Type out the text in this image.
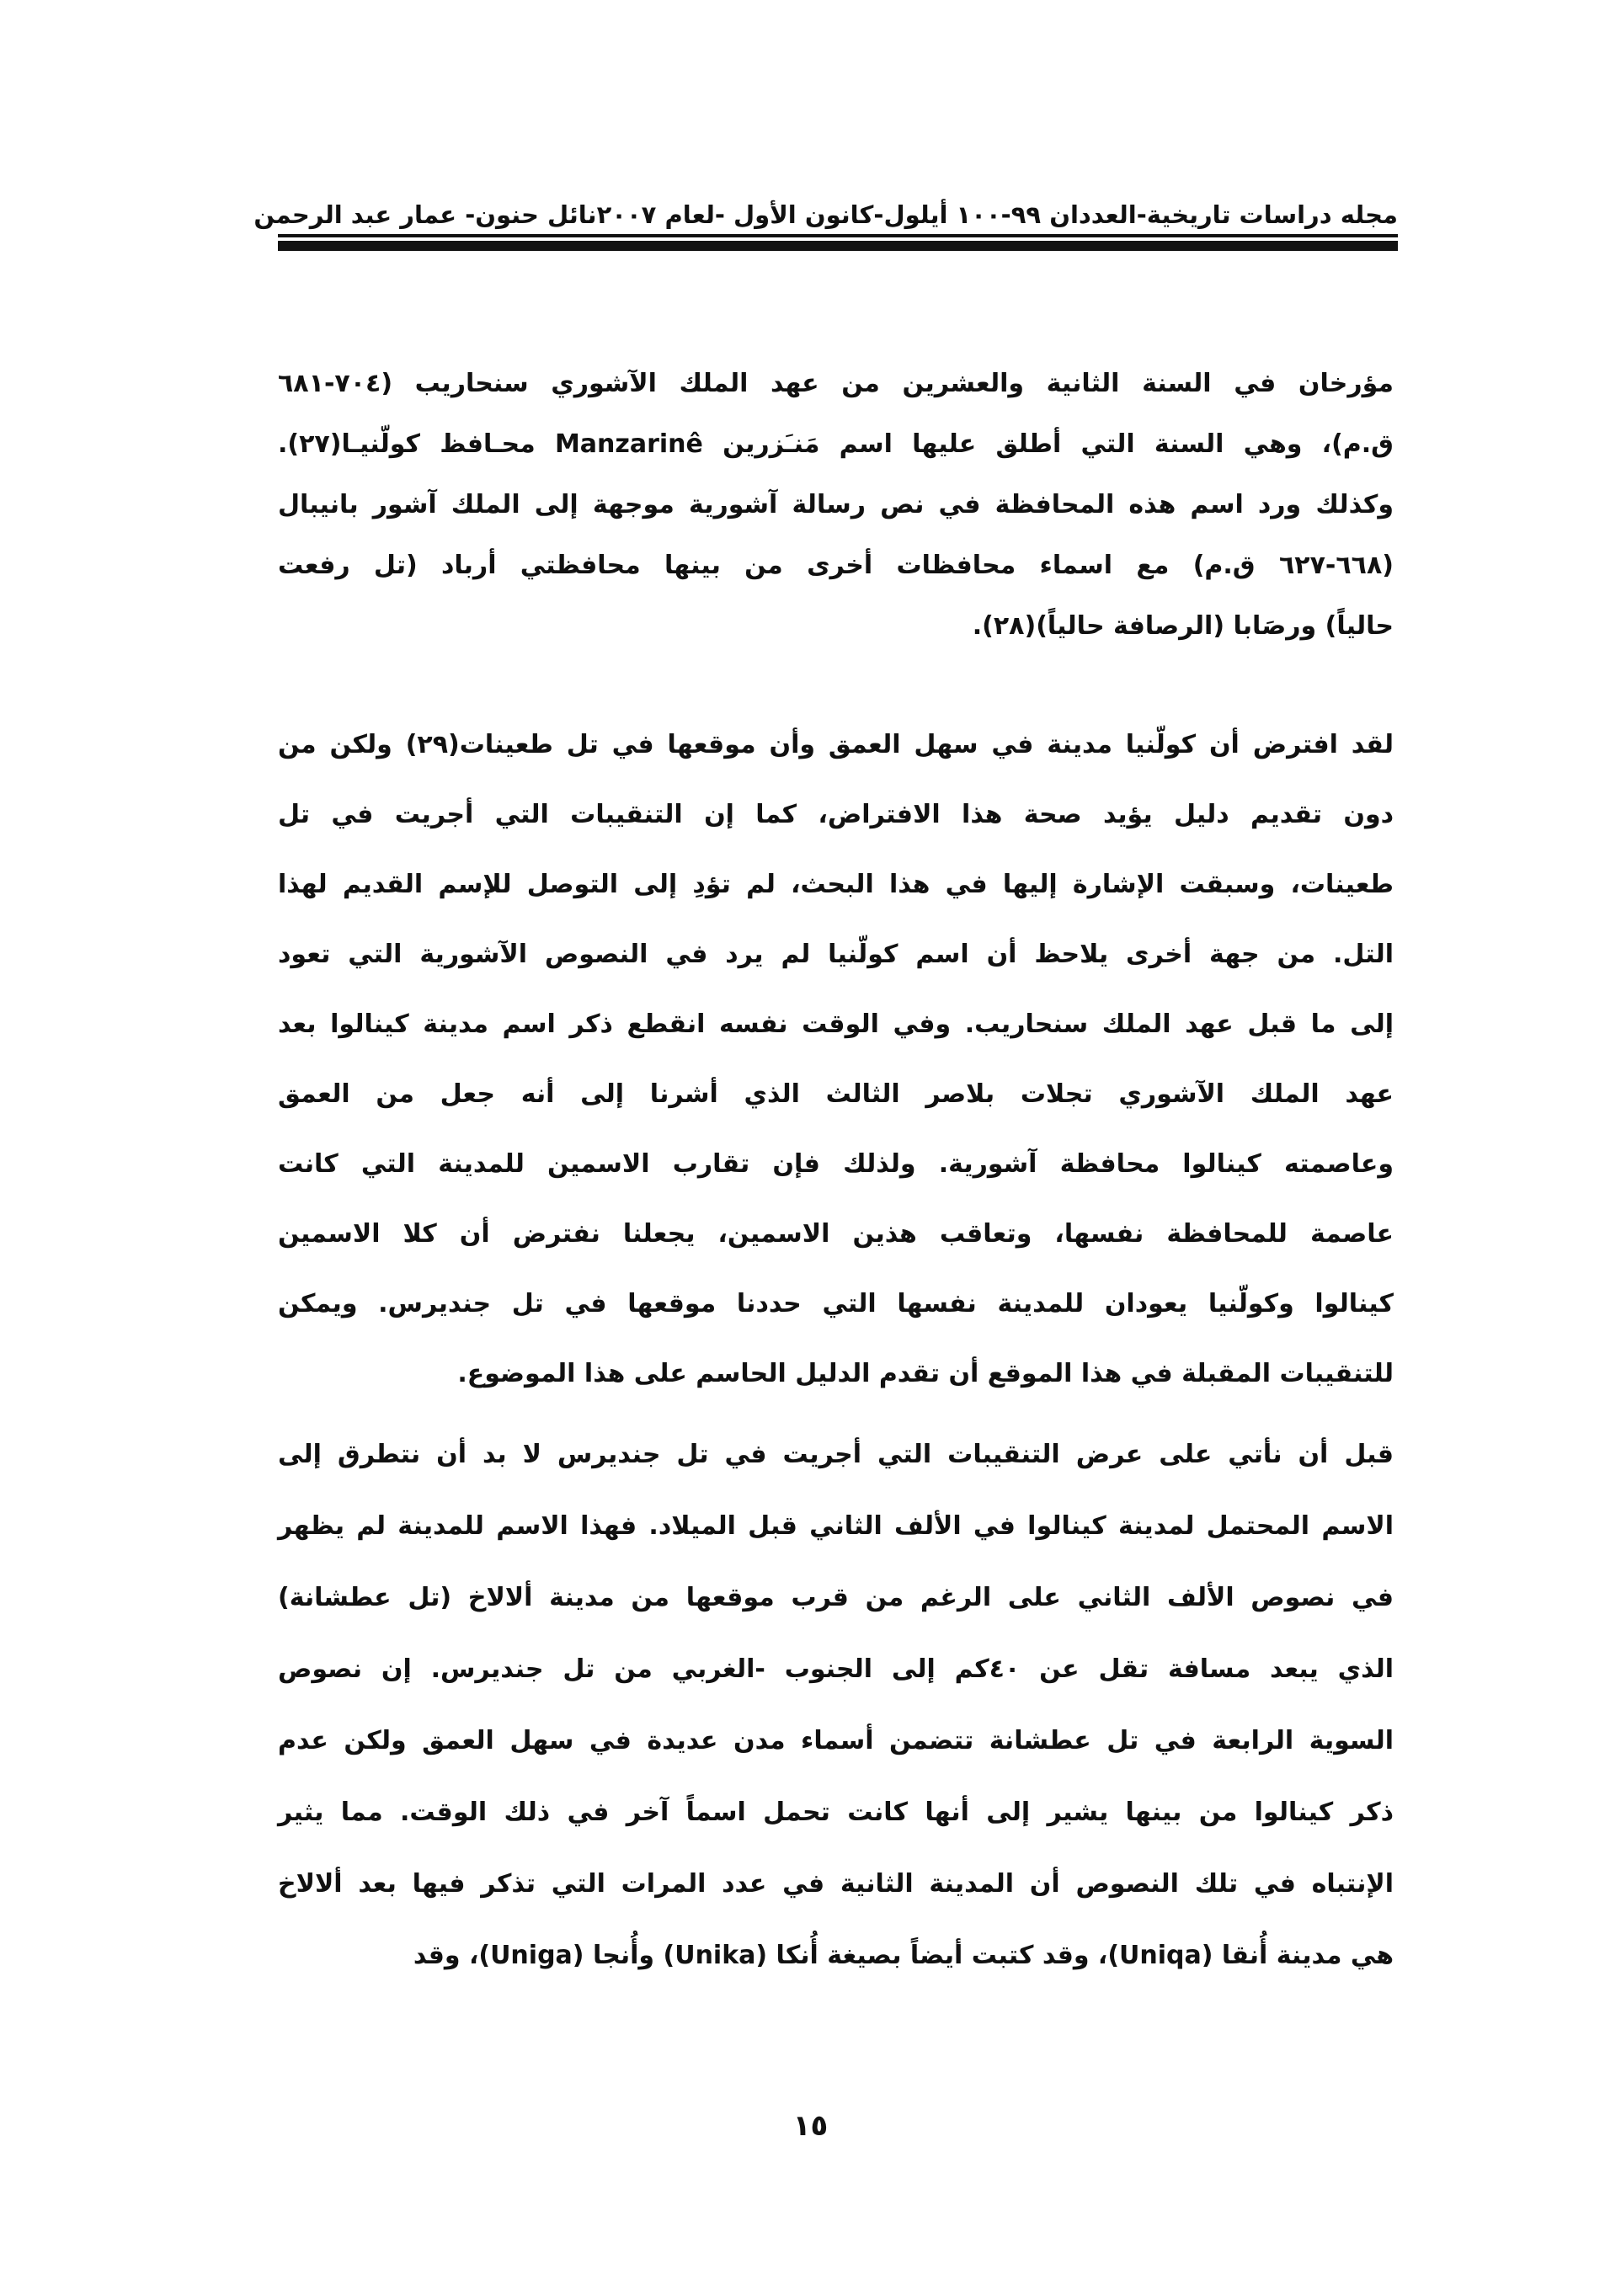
مجله دراسات تاريخية-العددان ٩٩-١٠٠ أيلول-كانون الأول -لعام ٢٠٠٧
نائل حنون- عمار عبد الرحمن
مؤرخان في السنة الثانية والعشرين من عهد الملك الآشوري سنحاريب (٧٠٤-٦٨١
ق.م)، وهي السنة التي أطلق عليها اسم مَنـَزرين Manzarinê محـافظ كولّنيـا(٢٧).
وكذلك ورد اسم هذه المحافظة في نص رسالة آشورية موجهة إلى الملك آشور بانيبال
(٦٦٨-٦٢٧ ق.م) مع اسماء محافظات أخرى من بينها محافظتي أرباد (تل رفعت
حالياً) ورصَابا (الرصافة حالياً)(٢٨).
لقد افترض أن كولّنيا مدينة في سهل العمق وأن موقعها في تل طعينات(٢٩) ولكن من
دون تقديم دليل يؤيد صحة هذا الافتراض، كما إن التنقيبات التي أجريت في تل
طعينات، وسبقت الإشارة إليها في هذا البحث، لم تؤدِ إلى التوصل للإسم القديم لهذا
التل. من جهة أخرى يلاحظ أن اسم كولّنيا لم يرد في النصوص الآشورية التي تعود
إلى ما قبل عهد الملك سنحاريب. وفي الوقت نفسه انقطع ذكر اسم مدينة كينالوا بعد
عهد الملك الآشوري تجلات بلاصر الثالث الذي أشرنا إلى أنه جعل من العمق
وعاصمته كينالوا محافظة آشورية. ولذلك فإن تقارب الاسمين للمدينة التي كانت
عاصمة للمحافظة نفسها، وتعاقب هذين الاسمين، يجعلنا نفترض أن كلا الاسمين
كينالوا وكولّنيا يعودان للمدينة نفسها التي حددنا موقعها في تل جنديرس. ويمكن
للتنقيبات المقبلة في هذا الموقع أن تقدم الدليل الحاسم على هذا الموضوع.
قبل أن نأتي على عرض التنقيبات التي أجريت في تل جنديرس لا بد أن نتطرق إلى
الاسم المحتمل لمدينة كينالوا في الألف الثاني قبل الميلاد. فهذا الاسم للمدينة لم يظهر
في نصوص الألف الثاني على الرغم من قرب موقعها من مدينة ألالاخ (تل عطشانة)
الذي يبعد مسافة تقل عن ٤٠كم إلى الجنوب -الغربي من تل جنديرس. إن نصوص
السوية الرابعة في تل عطشانة تتضمن أسماء مدن عديدة في سهل العمق ولكن عدم
ذكر كينالوا من بينها يشير إلى أنها كانت تحمل اسماً آخر في ذلك الوقت. مما يثير
الإنتباه في تلك النصوص أن المدينة الثانية في عدد المرات التي تذكر فيها بعد ألالاخ
هي مدينة أُنقا (Uniqa)، وقد كتبت أيضاً بصيغة أُنكا (Unika) وأُنجا (Uniga)، وقد
١٥
